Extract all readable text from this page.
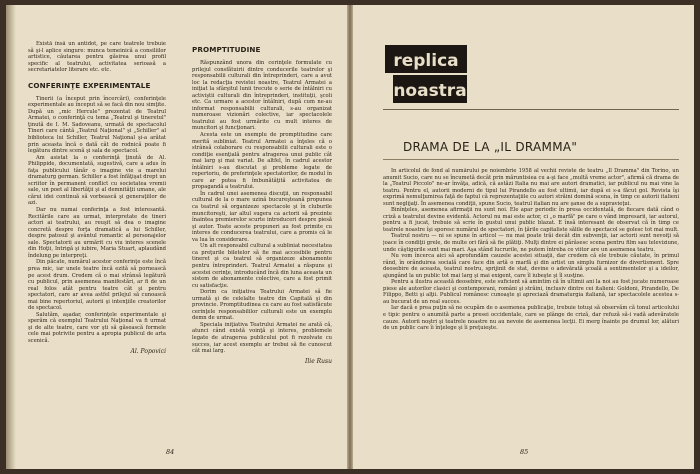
Există însă un antidot, pe care teatrele trebuie să şi-l aplice singure: munca temeinică a consiliilor artistice, căutarea pentru găsirea unui profil specific al teatrului, activitatea serioasă a secretariatelor literare etc. etc.

CONFERINŢE EXPERIMENTALE

Tinerii (a început prin încercări), conferinţele experimentale au început să se facă din nou simţite. După un „mic Hercule" prezentat de Teatrul Armatei, o conferinţă cu tema „Teatrul şi tineretul" ţinută de I. M. Sadoveanu, urmată de spectacolul Tineri care cântă „Teatrul Naţional" şi „Schiller" al biblioteca lui Schiller, Teatrul Naţional şi-a arătat prin aceasta încă o dată cât de rodnică poate fi legătura dintre scenă şi sala de spectacol.

Am asistat la o conferinţă ţinută de Al. Philippide, documentată, sugestivă, care a adus în faţa publicului tânăr o imagine vie a marelui dramaturg german. Schiller a fost înfăţişat drept un scriitor în permanent conflict cu societatea vremii sale, un poet al libertăţii şi al demnităţii umane, ale cărui idei continuă să vorbească şi generaţiilor de azi.

Dar nu numai conferinţa a fost interesantă. Recitările care au urmat, interpretate de tineri actori ai teatrului, au reuşit să dea o imagine concretă despre forţa dramatică a lui Schiller, despre patosul şi avântul romantic al personajelor sale. Spectatorii au urmărit cu viu interes scenele din Hoţii, Intrigă şi iubire, Maria Stuart, aplaudând îndelung pe interpreţi.

Din păcate, numărul acestor conferinţe este încă prea mic, iar unele teatre încă ezită să pornească pe acest drum. Credem că o mai strânsă legătură cu publicul, prin asemenea manifestări, ar fi de un real folos atât pentru teatre cât şi pentru spectatori, care ar avea astfel prilejul să cunoască mai bine repertoriul, autorii şi intenţiile creatorilor de spectacol.

Salutăm, aşadar, conferinţele experimentale şi sperăm că exemplul Teatrului Naţional va fi urmat şi de alte teatre, care vor şti să găsească formele cele mai potrivite pentru a apropia publicul de arta scenică.

Al. Popovici
PROMPTITUDINE

Răspunzând unora din cerinţele formulate cu prilejul consfătuirii dintre conducerile teatrelor şi responsabilii culturali din întreprinderi, care a avut loc la redacţia revistei noastre, Teatrul Armatei a iniţiat la sfârşitul lunii trecute o serie de întâlniri cu activiştii culturali din întreprinderi, instituţii, şcoli etc. Ca urmare a acestor întâlniri, după cum ne-au informat responsabilii culturali, s-au organizat numeroase vizionări colective, iar spectacolele teatrului au fost urmărite cu mult interes de muncitori şi funcţionari.

Acesta este un exemplu de promptitudine care merită subliniat. Teatrul Armatei a înţeles că o strânsă colaborare cu responsabilii culturali este o condiţie esenţială pentru atragerea unui public cât mai larg şi mai variat. De altfel, în cadrul acestor întâlniri s-au discutat şi probleme legate de repertoriu, de preferinţele spectatorilor, de modul în care ar putea fi îmbunătăţită activitatea de propagandă a teatrului.

În cadrul unei asemenea discuţii, un responsabil cultural de la o mare uzină bucureşteană propunea ca teatrul să organizeze spectacole şi în cluburile muncitoreşti, iar altul sugera ca actorii să prezinte înaintea premierelor scurte introduceri despre piesă şi autor. Toate aceste propuneri au fost primite cu interes de conducerea teatrului, care a promis că le va lua în considerare.

Un alt responsabil cultural a subliniat necesitatea ca preţurile biletelor să fie mai accesibile pentru tineret şi ca teatrul să organizeze abonamente pentru întreprinderi. Teatrul Armatei a răspuns şi acestei cerinţe, introducând încă din luna aceasta un sistem de abonamente colective, care a fost primit cu satisfacţie.

Dorim ca iniţiativa Teatrului Armatei să fie urmată şi de celelalte teatre din Capitală şi din provincie. Promptitudinea cu care au fost satisfăcute cerinţele responsabililor culturali este un exemplu demn de urmat.

Speciala iniţiativa Teatrului Armatei ne arată că, atunci când există voinţă şi interes, problemele legate de atragerea publicului pot fi rezolvate cu succes, iar acest exemplu ar trebui să fie cunoscut cât mai larg.

Ilie Rusu
84
replica
noastra
DRAMA DE LA „IL DRAMMA"

În articolul de fond al numărului pe noiembrie 1958 al vechii reviste de teatru „Il Dramma" din Torino, un anumit Sucio, care nu se încumetă decât prin măruntisiea cu a-şi face „multă vreme actor", afirmă că drama de la „Teatrul Piccolo" ne-ar învăţa, adică, că astăzi Italia nu mai are autori dramatici, iar publicul nu mai vine la teatru. Pentru el, autorii moderni de tipul lui Pirandello au fost ultimii, iar după ei s-a făcut gol. Revista îşi exprimă nemulţumirea faţă de faptul că reprezentaţiile cu autori străini domină scena, în timp ce autorii italieni sunt neglijaţi. În asemenea condiţii, spune Sucio, teatrul italian nu are şanse de a supravieţui.

Binînţeles, asemenea afirmaţii nu sunt noi. Ele apar periodic în presa occidentală, de fiecare dată când o criză a teatrului devine evidentă. Actorul nu mai este actor, ci „o marfă" pe care o vând impresarii, iar autorul, pentru a fi jucat, trebuie să scrie în gustul unui public blazat. E însă interesant de observat că în timp ce teatrele noastre îşi sporesc numărul de spectatori, în ţările capitaliste sălile de spectacol se golesc tot mai mult.

Teatrul nostru — ni se spune în articol — nu mai poate trăi decât din subvenţii, iar actorii sunt nevoiţi să joace în condiţii grele, de multe ori fără să fie plătiţi. Mulţi dintre ei părăsesc scena pentru film sau televiziune, unde câştigurile sunt mai mari. Aşa stând lucrurile, ne putem întreba ce viitor are un asemenea teatru.

Nu vom încerca aici să aprofundăm cauzele acestei situaţii, dar credem că ele trebuie căutate, în primul rând, în orânduirea socială care face din artă o marfă şi din artist un simplu furnizor de divertisment. Spre deosebire de aceasta, teatrul nostru, sprijinit de stat, devine o adevărată şcoală a sentimentelor şi a ideilor, ajungând la un public tot mai larg şi mai exigent, care îl iubeşte şi îl susţine.

Pentru a ilustra această deosebire, este suficient să amintim că în ultimii ani la noi au fost jucate numeroase piese ale autorilor clasici şi contemporani, români şi străini, inclusiv dintre cei italieni: Goldoni, Pirandello, De Filippo, Betti şi alţii. Publicul românesc cunoaşte şi apreciază dramaturgia italiană, iar spectacolele acestea s-au bucurat de un real succes.

Iar dacă e prea puţin să ne ocupăm de o asemenea publicaţie, trebuie totuşi să observăm că tonul articolului e tipic pentru o anumită parte a presei occidentale, care se plânge de criză, dar refuză să-i vadă adevăratele cauze. Autorii noştri şi teatrele noastre nu au nevoie de asemenea lecţii. Ei merg înainte pe drumul lor, alături de un public care îi înţelege şi îi preţuieşte.

85
